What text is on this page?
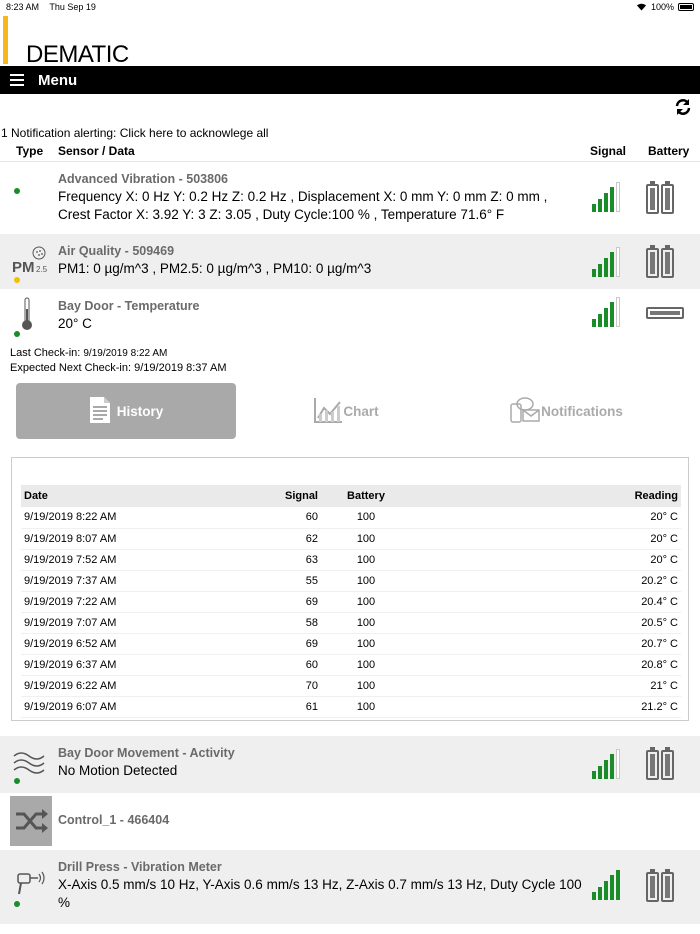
8:23 AM Thu Sep 19	100%
DEMATIC
Menu
1 Notification alerting: Click here to acknowlege all
Type	Sensor / Data	Signal	Battery
Advanced Vibration - 503806
Frequency X: 0 Hz Y: 0.2 Hz Z: 0.2 Hz , Displacement X: 0 mm Y: 0 mm Z: 0 mm , Crest Factor X: 3.92 Y: 3 Z: 3.05 , Duty Cycle:100 % , Temperature 71.6° F
PM 2.5
Air Quality - 509469
PM1: 0 µg/m^3 , PM2.5: 0 µg/m^3 , PM10: 0 µg/m^3
Bay Door - Temperature
20° C
Last Check-in: 9/19/2019 8:22 AM
Expected Next Check-in: 9/19/2019 8:37 AM
History	Chart	Notifications
Date	Signal	Battery	Reading
9/19/2019 8:22 AM	60	100	20° C
9/19/2019 8:07 AM	62	100	20° C
9/19/2019 7:52 AM	63	100	20° C
9/19/2019 7:37 AM	55	100	20.2° C
9/19/2019 7:22 AM	69	100	20.4° C
9/19/2019 7:07 AM	58	100	20.5° C
9/19/2019 6:52 AM	69	100	20.7° C
9/19/2019 6:37 AM	60	100	20.8° C
9/19/2019 6:22 AM	70	100	21° C
9/19/2019 6:07 AM	61	100	21.2° C
Bay Door Movement - Activity
No Motion Detected
Control_1 - 466404
Drill Press - Vibration Meter
X-Axis 0.5 mm/s 10 Hz, Y-Axis 0.6 mm/s 13 Hz, Z-Axis 0.7 mm/s 13 Hz, Duty Cycle 100 %
